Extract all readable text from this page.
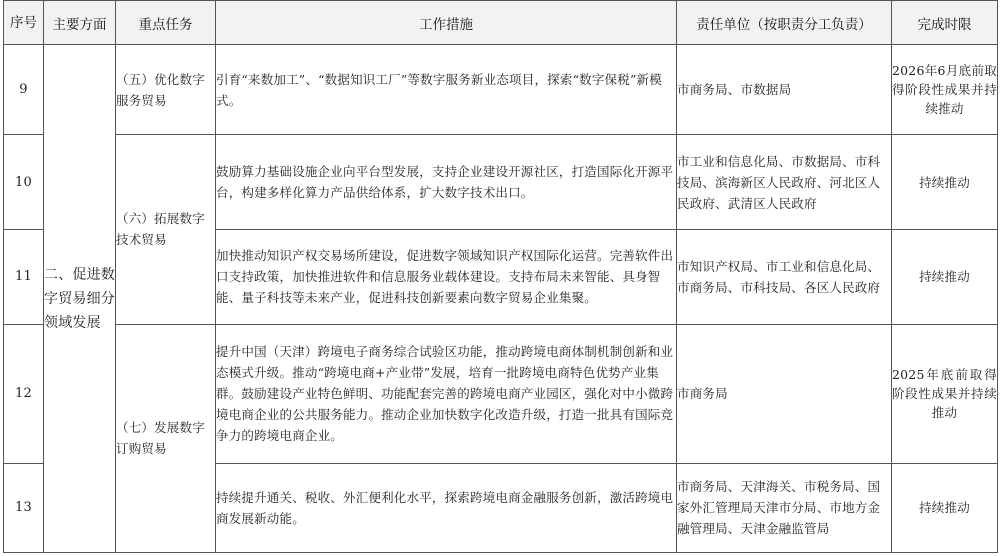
序号	主要方面	重点任务	工作措施	责任单位（按职责分工负责）	完成时限
9	二、促进数字贸易细分领域发展	（五）优化数字服务贸易	引育“来数加工”、“数据知识工厂”等数字服务新业态项目，探索“数字保税”新模式。	市商务局、市数据局	2026年6月底前取得阶段性成果并持续推动
10		（六）拓展数字技术贸易	鼓励算力基础设施企业向平台型发展，支持企业建设开源社区，打造国际化开源平台，构建多样化算力产品供给体系，扩大数字技术出口。	市工业和信息化局、市数据局、市科技局、滨海新区人民政府、河北区人民政府、武清区人民政府	持续推动
11			加快推动知识产权交易场所建设，促进数字领域知识产权国际化运营。完善软件出口支持政策，加快推进软件和信息服务业载体建设。支持布局未来智能、具身智能、量子科技等未来产业，促进科技创新要素向数字贸易企业集聚。	市知识产权局、市工业和信息化局、市商务局、市科技局、各区人民政府	持续推动
12		（七）发展数字订购贸易	提升中国（天津）跨境电子商务综合试验区功能，推动跨境电商体制机制创新和业态模式升级。推动“跨境电商+产业带”发展，培育一批跨境电商特色优势产业集群。鼓励建设产业特色鲜明、功能配套完善的跨境电商产业园区，强化对中小微跨境电商企业的公共服务能力。推动企业加快数字化改造升级，打造一批具有国际竞争力的跨境电商企业。	市商务局	2025年底前取得阶段性成果并持续推动
13			持续提升通关、税收、外汇便利化水平，探索跨境电商金融服务创新，激活跨境电商发展新动能。	市商务局、天津海关、市税务局、国家外汇管理局天津市分局、市地方金融管理局、天津金融监管局	持续推动
